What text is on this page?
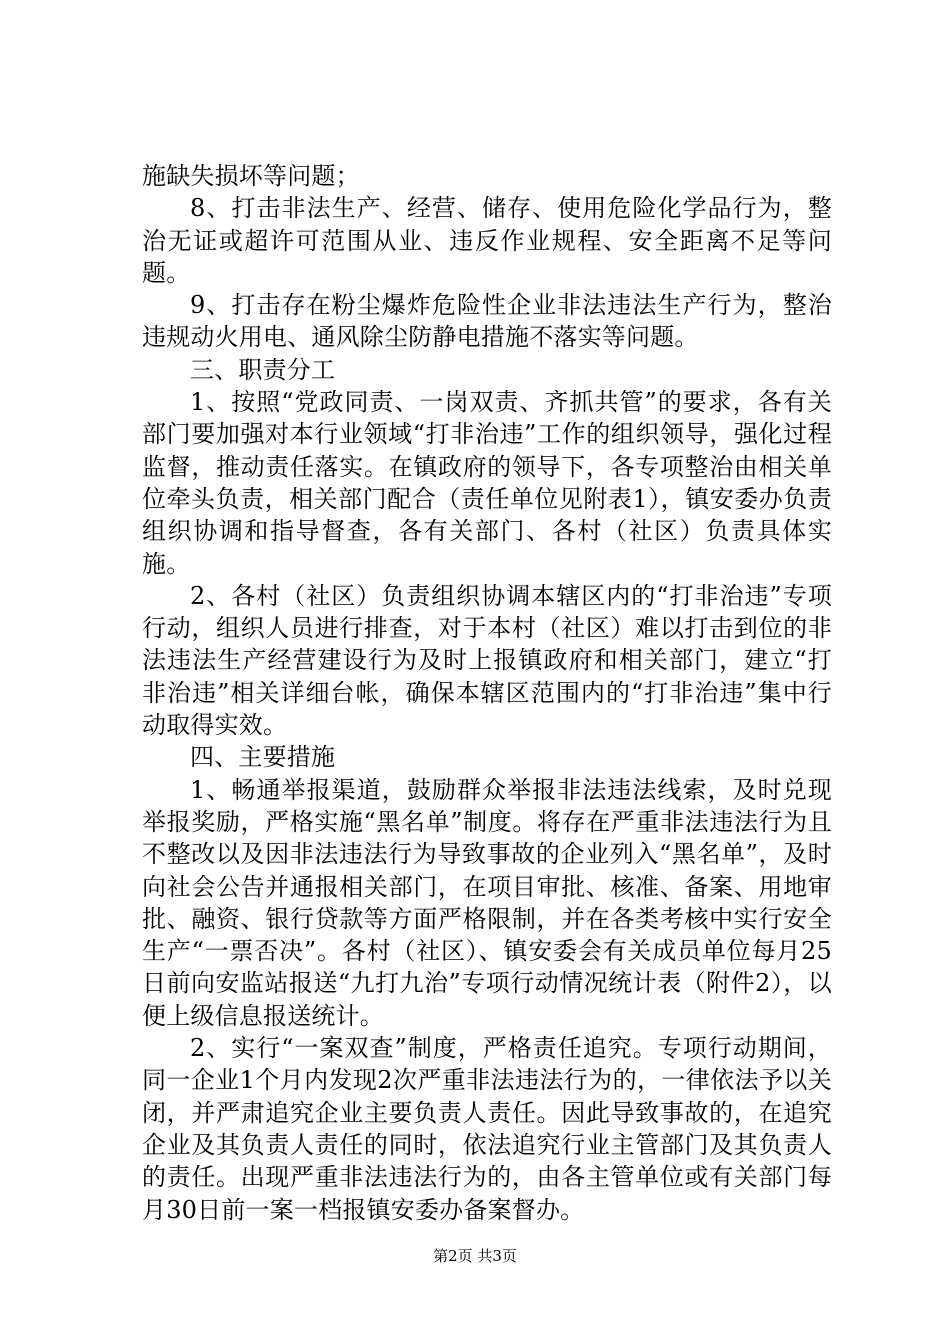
施缺失损坏等问题；

8、打击非法生产、经营、储存、使用危险化学品行为，整治无证或超许可范围从业、违反作业规程、安全距离不足等问题。

9、打击存在粉尘爆炸危险性企业非法违法生产行为，整治违规动火用电、通风除尘防静电措施不落实等问题。

三、职责分工

1、按照“党政同责、一岗双责、齐抓共管”的要求，各有关部门要加强对本行业领域“打非治违”工作的组织领导，强化过程监督，推动责任落实。在镇政府的领导下，各专项整治由相关单位牵头负责，相关部门配合（责任单位见附表1），镇安委办负责组织协调和指导督查，各有关部门、各村（社区）负责具体实施。

2、各村（社区）负责组织协调本辖区内的“打非治违”专项行动，组织人员进行排查，对于本村（社区）难以打击到位的非法违法生产经营建设行为及时上报镇政府和相关部门，建立“打非治违”相关详细台帐，确保本辖区范围内的“打非治违”集中行动取得实效。

四、主要措施

1、畅通举报渠道，鼓励群众举报非法违法线索，及时兑现举报奖励，严格实施“黑名单”制度。将存在严重非法违法行为且不整改以及因非法违法行为导致事故的企业列入“黑名单”，及时向社会公告并通报相关部门，在项目审批、核准、备案、用地审批、融资、银行贷款等方面严格限制，并在各类考核中实行安全生产“一票否决”。各村（社区）、镇安委会有关成员单位每月25日前向安监站报送“九打九治”专项行动情况统计表（附件2），以便上级信息报送统计。

2、实行“一案双查”制度，严格责任追究。专项行动期间，同一企业1个月内发现2次严重非法违法行为的，一律依法予以关闭，并严肃追究企业主要负责人责任。因此导致事故的，在追究企业及其负责人责任的同时，依法追究行业主管部门及其负责人的责任。出现严重非法违法行为的，由各主管单位或有关部门每月30日前一案一档报镇安委办备案督办。

第2页 共3页
